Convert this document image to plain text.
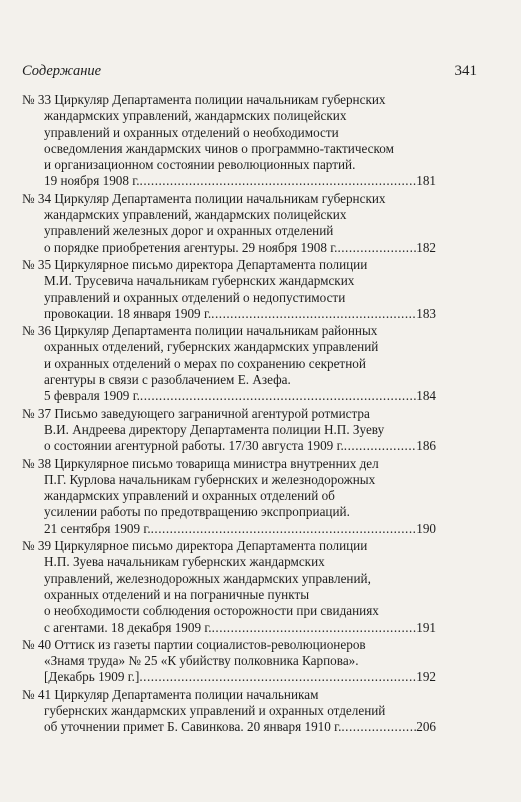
Содержание	341
№ 33 Циркуляр Департамента полиции начальникам губернских
жандармских управлений, жандармских полицейских
управлений и охранных отделений о необходимости
осведомления жандармских чинов о программно-тактическом
и организационном состоянии революционных партий.
19 ноября 1908 г. .....	181
№ 34 Циркуляр Департамента полиции начальникам губернских
жандармских управлений, жандармских полицейских
управлений железных дорог и охранных отделений
о порядке приобретения агентуры. 29 ноября 1908 г. .....	182
№ 35 Циркулярное письмо директора Департамента полиции
М.И. Трусевича начальникам губернских жандармских
управлений и охранных отделений о недопустимости
провокации. 18 января 1909 г. .....	183
№ 36 Циркуляр Департамента полиции начальникам районных
охранных отделений, губернских жандармских управлений
и охранных отделений о мерах по сохранению секретной
агентуры в связи с разоблачением Е. Азефа.
5 февраля 1909 г. .....	184
№ 37 Письмо заведующего заграничной агентурой ротмистра
В.И. Андреева директору Департамента полиции Н.П. Зуеву
о состоянии агентурной работы. 17/30 августа 1909 г. .....	186
№ 38 Циркулярное письмо товарища министра внутренних дел
П.Г. Курлова начальникам губернских и железнодорожных
жандармских управлений и охранных отделений об
усилении работы по предотвращению экспроприаций.
21 сентября 1909 г. .....	190
№ 39 Циркулярное письмо директора Департамента полиции
Н.П. Зуева начальникам губернских жандармских
управлений, железнодорожных жандармских управлений,
охранных отделений и на пограничные пункты
о необходимости соблюдения осторожности при свиданиях
с агентами. 18 декабря 1909 г. .....	191
№ 40 Оттиск из газеты партии социалистов-революционеров
«Знамя труда» № 25 «К убийству полковника Карпова».
[Декабрь 1909 г.] .....	192
№ 41 Циркуляр Департамента полиции начальникам
губернских жандармских управлений и охранных отделений
об уточнении примет Б. Савинкова. 20 января 1910 г. .....	206
